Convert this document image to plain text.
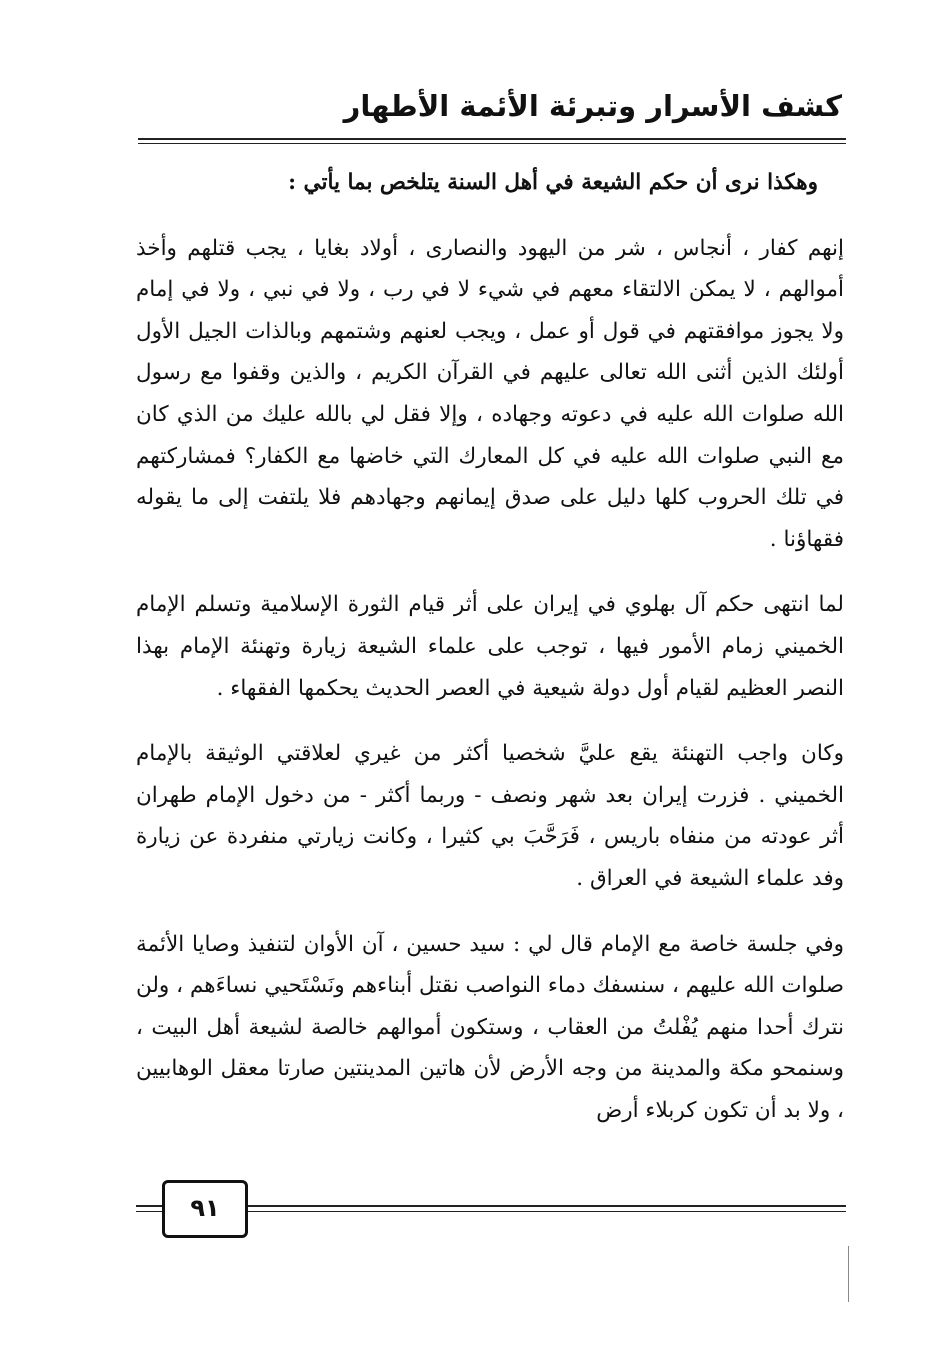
كشف الأسرار وتبرئة الأئمة الأطهار

وهكذا نرى أن حكم الشيعة في أهل السنة يتلخص بما يأتي :

إنهم كفار ، أنجاس ، شر من اليهود والنصارى ، أولاد بغايا ، يجب قتلهم وأخذ أموالهم ، لا يمكن الالتقاء معهم في شيء لا في رب ، ولا في نبي ، ولا في إمام ولا يجوز موافقتهم في قول أو عمل ، ويجب لعنهم وشتمهم وبالذات الجيل الأول أولئك الذين أثنى الله تعالى عليهم في القرآن الكريم ، والذين وقفوا مع رسول الله صلوات الله عليه في دعوته وجهاده ، وإلا فقل لي بالله عليك من الذي كان مع النبي صلوات الله عليه في كل المعارك التي خاضها مع الكفار؟ فمشاركتهم في تلك الحروب كلها دليل على صدق إيمانهم وجهادهم فلا يلتفت إلى ما يقوله فقهاؤنا .

لما انتهى حكم آل بهلوي في إيران على أثر قيام الثورة الإسلامية وتسلم الإمام الخميني زمام الأمور فيها ، توجب على علماء الشيعة زيارة وتهنئة الإمام بهذا النصر العظيم لقيام أول دولة شيعية في العصر الحديث يحكمها الفقهاء .

وكان واجب التهنئة يقع عليَّ شخصيا أكثر من غيري لعلاقتي الوثيقة بالإمام الخميني . فزرت إيران بعد شهر ونصف - وربما أكثر - من دخول الإمام طهران أثر عودته من منفاه باريس ، فَرَحَّبَ بي كثيرا ، وكانت زيارتي منفردة عن زيارة وفد علماء الشيعة في العراق .

وفي جلسة خاصة مع الإمام قال لي : سيد حسين ، آن الأوان لتنفيذ وصايا الأئمة صلوات الله عليهم ، سنسفك دماء النواصب نقتل أبناءهم ونَسْتَحيي نساءَهم ، ولن نترك أحدا منهم يُفْلتُ من العقاب ، وستكون أموالهم خالصة لشيعة أهل البيت ، وسنمحو مكة والمدينة من وجه الأرض لأن هاتين المدينتين صارتا معقل الوهابيين ، ولا بد أن تكون كربلاء أرض

٩١
